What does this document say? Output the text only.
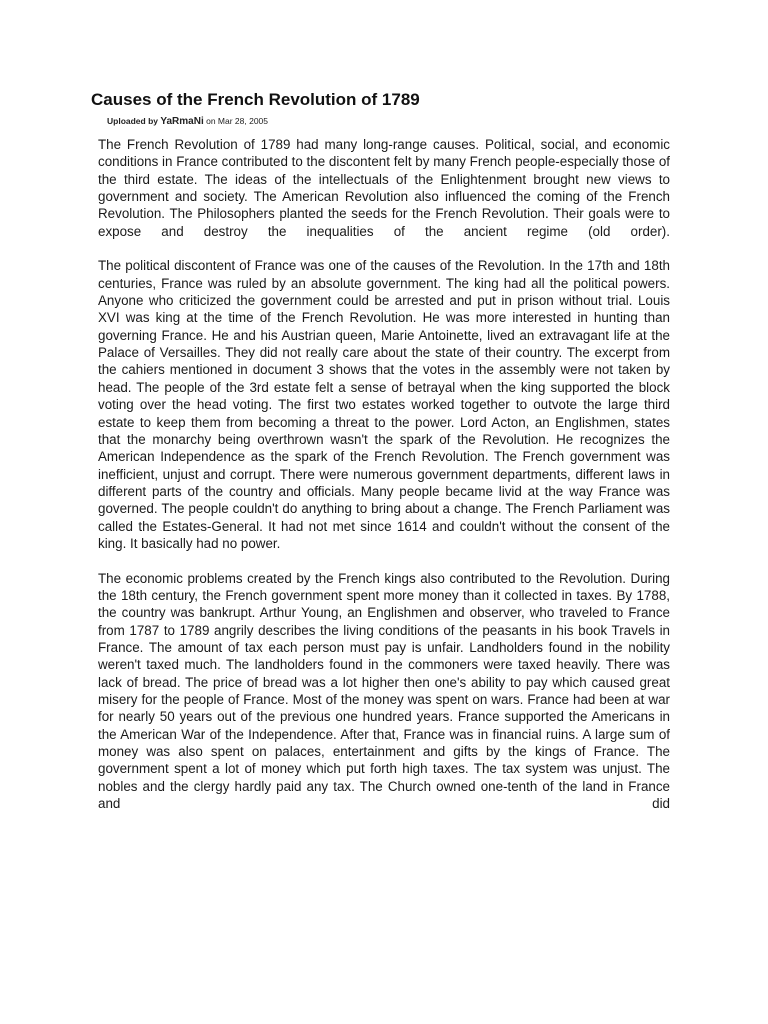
Causes of the French Revolution of 1789
Uploaded by YaRmaNi on Mar 28, 2005

The French Revolution of 1789 had many long-range causes. Political, social, and economic conditions in France contributed to the discontent felt by many French people-especially those of the third estate. The ideas of the intellectuals of the Enlightenment brought new views to government and society. The American Revolution also influenced the coming of the French Revolution. The Philosophers planted the seeds for the French Revolution. Their goals were to expose and destroy the inequalities of the ancient regime (old order).

The political discontent of France was one of the causes of the Revolution. In the 17th and 18th centuries, France was ruled by an absolute government. The king had all the political powers. Anyone who criticized the government could be arrested and put in prison without trial. Louis XVI was king at the time of the French Revolution. He was more interested in hunting than governing France. He and his Austrian queen, Marie Antoinette, lived an extravagant life at the Palace of Versailles. They did not really care about the state of their country. The excerpt from the cahiers mentioned in document 3 shows that the votes in the assembly were not taken by head. The people of the 3rd estate felt a sense of betrayal when the king supported the block voting over the head voting. The first two estates worked together to outvote the large third estate to keep them from becoming a threat to the power. Lord Acton, an Englishmen, states that the monarchy being overthrown wasn't the spark of the Revolution. He recognizes the American Independence as the spark of the French Revolution. The French government was inefficient, unjust and corrupt. There were numerous government departments, different laws in different parts of the country and officials. Many people became livid at the way France was governed. The people couldn't do anything to bring about a change. The French Parliament was called the Estates-General. It had not met since 1614 and couldn't without the consent of the king. It basically had no power.

The economic problems created by the French kings also contributed to the Revolution. During the 18th century, the French government spent more money than it collected in taxes. By 1788, the country was bankrupt. Arthur Young, an Englishmen and observer, who traveled to France from 1787 to 1789 angrily describes the living conditions of the peasants in his book Travels in France. The amount of tax each person must pay is unfair. Landholders found in the nobility weren't taxed much. The landholders found in the commoners were taxed heavily. There was lack of bread. The price of bread was a lot higher then one's ability to pay which caused great misery for the people of France. Most of the money was spent on wars. France had been at war for nearly 50 years out of the previous one hundred years. France supported the Americans in the American War of the Independence. After that, France was in financial ruins. A large sum of money was also spent on palaces, entertainment and gifts by the kings of France. The government spent a lot of money which put forth high taxes. The tax system was unjust. The nobles and the clergy hardly paid any tax. The Church owned one-tenth of the land in France and did
